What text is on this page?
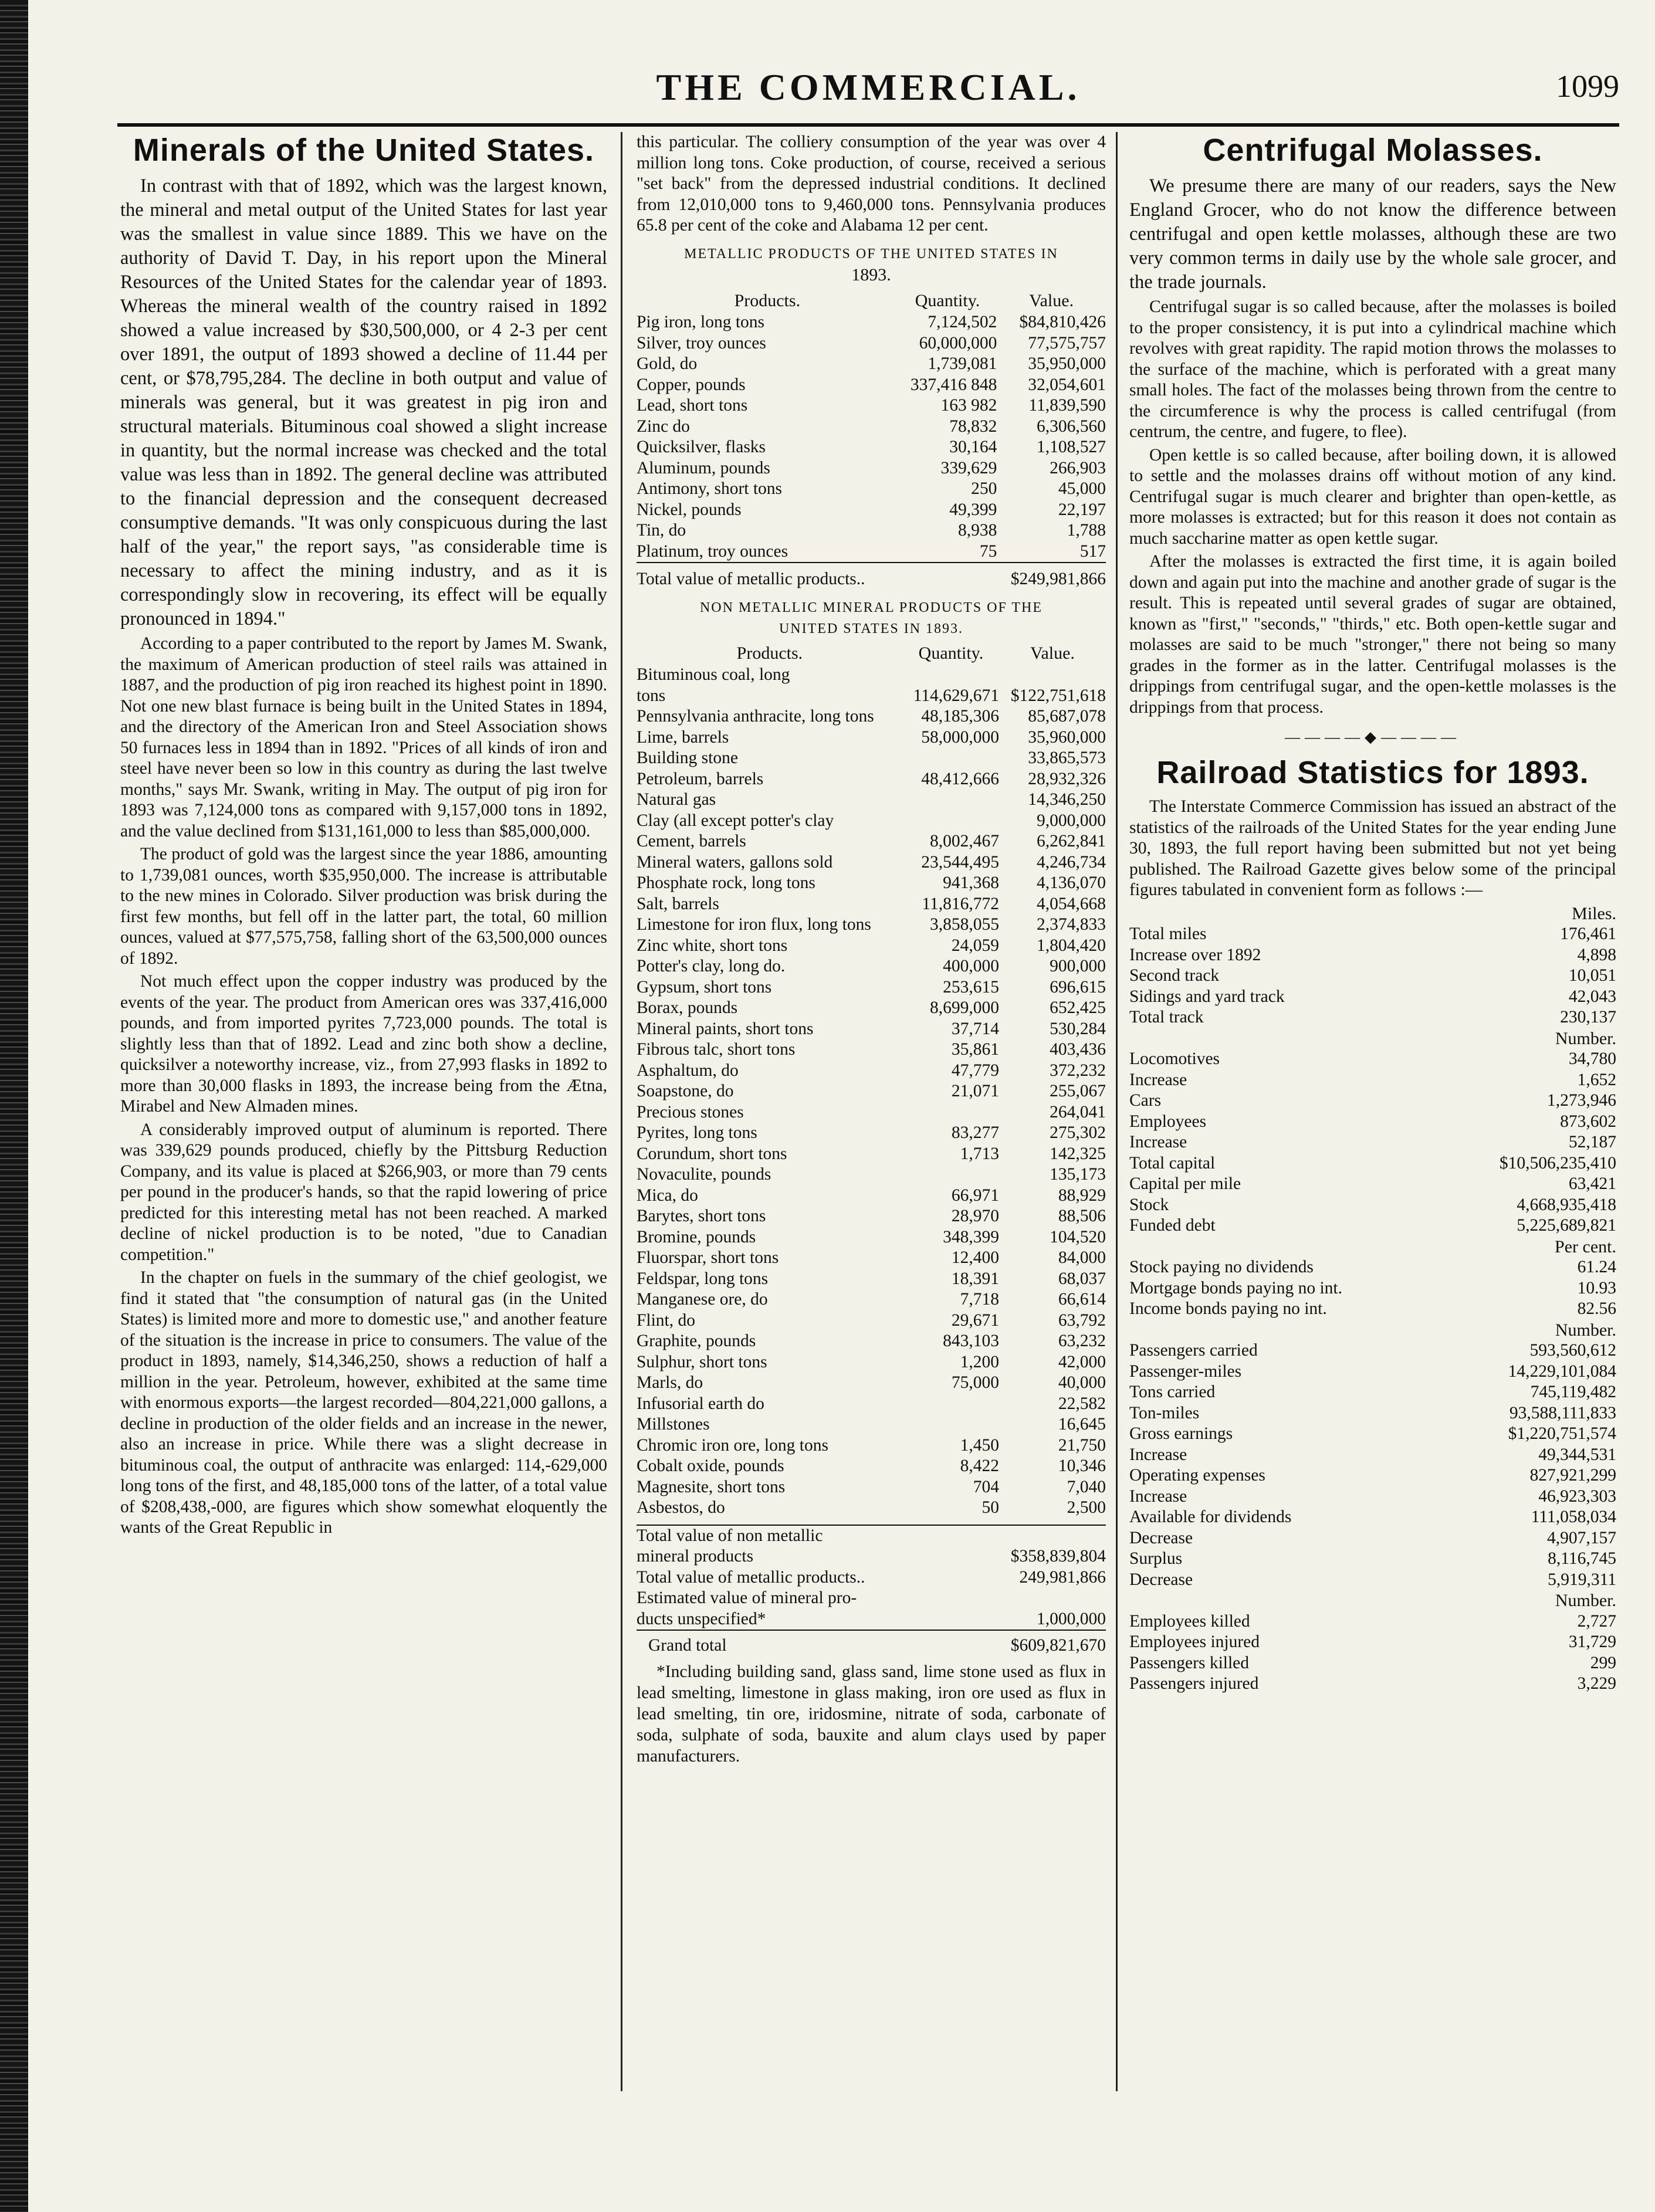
THE COMMERCIAL.	1099
Minerals of the United States.

In contrast with that of 1892, which was the largest known, the mineral and metal output of the United States for last year was the smallest in value since 1889. This we have on the authority of David T. Day, in his report upon the Mineral Resources of the United States for the calendar year of 1893. Whereas the mineral wealth of the country raised in 1892 showed a value increased by $30,500,000, or 4 2-3 per cent over 1891, the output of 1893 showed a decline of 11.44 per cent, or $78,795,284. The decline in both output and value of minerals was general, but it was greatest in pig iron and structural materials. Bituminous coal showed a slight increase in quantity, but the normal increase was checked and the total value was less than in 1892. The general decline was attributed to the financial depression and the consequent decreased consumptive demands. "It was only conspicuous during the last half of the year," the report says, "as considerable time is necessary to affect the mining industry, and as it is correspondingly slow in recovering, its effect will be equally pronounced in 1894."

According to a paper contributed to the report by James M. Swank, the maximum of American production of steel rails was attained in 1887, and the production of pig iron reached its highest point in 1890. Not one new blast furnace is being built in the United States in 1894, and the directory of the American Iron and Steel Association shows 50 furnaces less in 1894 than in 1892. "Prices of all kinds of iron and steel have never been so low in this country as during the last twelve months," says Mr. Swank, writing in May. The output of pig iron for 1893 was 7,124,000 tons as compared with 9,157,000 tons in 1892, and the value declined from $131,161,000 to less than $85,000,000.

The product of gold was the largest since the year 1886, amounting to 1,739,081 ounces, worth $35,950,000. The increase is attributable to the new mines in Colorado. Silver production was brisk during the first few months, but fell off in the latter part, the total, 60 million ounces, valued at $77,575,758, falling short of the 63,500,000 ounces of 1892.

Not much effect upon the copper industry was produced by the events of the year. The product from American ores was 337,416,000 pounds, and from imported pyrites 7,723,000 pounds. The total is slightly less than that of 1892. Lead and zinc both show a decline, quicksilver a noteworthy increase, viz., from 27,993 flasks in 1892 to more than 30,000 flasks in 1893, the increase being from the Ætna, Mirabel and New Almaden mines.

A considerably improved output of aluminum is reported. There was 339,629 pounds produced, chiefly by the Pittsburg Reduction Company, and its value is placed at $266,903, or more than 79 cents per pound in the producer's hands, so that the rapid lowering of price predicted for this interesting metal has not been reached. A marked decline of nickel production is to be noted, "due to Canadian competition."

In the chapter on fuels in the summary of the chief geologist, we find it stated that "the consumption of natural gas (in the United States) is limited more and more to domestic use," and another feature of the situation is the increase in price to consumers. The value of the product in 1893, namely, $14,346,250, shows a reduction of half a million in the year. Petroleum, however, exhibited at the same time with enormous exports—the largest recorded—804,221,000 gallons, a decline in production of the older fields and an increase in the newer, also an increase in price. While there was a slight decrease in bituminous coal, the output of anthracite was enlarged: 114,-629,000 long tons of the first, and 48,185,000 tons of the latter, of a total value of $208,438,-000, are figures which show somewhat eloquently the wants of the Great Republic in

this particular. The colliery consumption of the year was over 4 million long tons. Coke production, of course, received a serious "set back" from the depressed industrial conditions. It declined from 12,010,000 tons to 9,460,000 tons. Pennsylvania produces 65.8 per cent of the coke and Alabama 12 per cent.

METALLIC PRODUCTS OF THE UNITED STATES IN
1893.
Products.	Quantity.	Value.
Pig iron, long tons	7,124,502	$84,810,426
Silver, troy ounces	60,000,000	77,575,757
Gold, do	1,739,081	35,950,000
Copper, pounds	337,416 848	32,054,601
Lead, short tons	163 982	11,839,590
Zinc do	78,832	6,306,560
Quicksilver, flasks	30,164	1,108,527
Aluminum, pounds	339,629	266,903
Antimony, short tons	250	45,000
Nickel, pounds	49,399	22,197
Tin, do	8,938	1,788
Platinum, troy ounces	75	517
Total value of metallic products..		$249,981,866
NON METALLIC MINERAL PRODUCTS OF THE UNITED STATES IN 1893.
Products.	Quantity.	Value.
Bituminous coal, long		
tons	114,629,671	$122,751,618
Pennsylvania anthracite, long tons	48,185,306	85,687,078
Lime, barrels	58,000,000	35,960,000
Building stone		33,865,573
Petroleum, barrels	48,412,666	28,932,326
Natural gas		14,346,250
Clay (all except potter's clay		9,000,000
Cement, barrels	8,002,467	6,262,841
Mineral waters, gallons sold	23,544,495	4,246,734
Phosphate rock, long tons	941,368	4,136,070
Salt, barrels	11,816,772	4,054,668
Limestone for iron flux, long tons	3,858,055	2,374,833
Zinc white, short tons	24,059	1,804,420
Potter's clay, long do.	400,000	900,000
Gypsum, short tons	253,615	696,615
Borax, pounds	8,699,000	652,425
Mineral paints, short tons	37,714	530,284
Fibrous talc, short tons	35,861	403,436
Asphaltum, do	47,779	372,232
Soapstone, do	21,071	255,067
Precious stones		264,041
Pyrites, long tons	83,277	275,302
Corundum, short tons	1,713	142,325
Novaculite, pounds		135,173
Mica, do	66,971	88,929
Barytes, short tons	28,970	88,506
Bromine, pounds	348,399	104,520
Fluorspar, short tons	12,400	84,000
Feldspar, long tons	18,391	68,037
Manganese ore, do	7,718	66,614
Flint, do	29,671	63,792
Graphite, pounds	843,103	63,232
Sulphur, short tons	1,200	42,000
Marls, do	75,000	40,000
Infusorial earth do		22,582
Millstones		16,645
Chromic iron ore, long tons	1,450	21,750
Cobalt oxide, pounds	8,422	10,346
Magnesite, short tons	704	7,040
Asbestos, do	50	2,500
Total value of non metallic	
mineral products	$358,839,804
Total value of metallic products..	249,981,866
Estimated value of mineral pro-	
ducts unspecified*	1,000,000
Grand total	$609,821,670

*Including building sand, glass sand, lime stone used as flux in lead smelting, limestone in glass making, iron ore used as flux in lead smelting, tin ore, iridosmine, nitrate of soda, carbonate of soda, sulphate of soda, bauxite and alum clays used by paper manufacturers.

Centrifugal Molasses.

We presume there are many of our readers, says the New England Grocer, who do not know the difference between centrifugal and open kettle molasses, although these are two very common terms in daily use by the whole sale grocer, and the trade journals.

Centrifugal sugar is so called because, after the molasses is boiled to the proper consistency, it is put into a cylindrical machine which revolves with great rapidity. The rapid motion throws the molasses to the surface of the machine, which is perforated with a great many small holes. The fact of the molasses being thrown from the centre to the circumference is why the process is called centrifugal (from centrum, the centre, and fugere, to flee).

Open kettle is so called because, after boiling down, it is allowed to settle and the molasses drains off without motion of any kind. Centrifugal sugar is much clearer and brighter than open-kettle, as more molasses is extracted; but for this reason it does not contain as much saccharine matter as open kettle sugar.

After the molasses is extracted the first time, it is again boiled down and again put into the machine and another grade of sugar is the result. This is repeated until several grades of sugar are obtained, known as "first," "seconds," "thirds," etc. Both open-kettle sugar and molasses are said to be much "stronger," there not being so many grades in the former as in the latter. Centrifugal molasses is the drippings from centrifugal sugar, and the open-kettle molasses is the drippings from that process.

――――◆――――
Railroad Statistics for 1893.

The Interstate Commerce Commission has issued an abstract of the statistics of the railroads of the United States for the year ending June 30, 1893, the full report having been submitted but not yet being published. The Railroad Gazette gives below some of the principal figures tabulated in convenient form as follows :—

	Miles.
Total miles	176,461
Increase over 1892	4,898
Second track	10,051
Sidings and yard track	42,043
Total track	230,137
	Number.
Locomotives	34,780
Increase	1,652
Cars	1,273,946
Employees	873,602
Increase	52,187
Total capital	$10,506,235,410
Capital per mile	63,421
Stock	4,668,935,418
Funded debt	5,225,689,821
	Per cent.
Stock paying no dividends	61.24
Mortgage bonds paying no int.	10.93
Income bonds paying no int.	82.56
	Number.
Passengers carried	593,560,612
Passenger-miles	14,229,101,084
Tons carried	745,119,482
Ton-miles	93,588,111,833
Gross earnings	$1,220,751,574
Increase	49,344,531
Operating expenses	827,921,299
Increase	46,923,303
Available for dividends	111,058,034
Decrease	4,907,157
Surplus	8,116,745
Decrease	5,919,311
	Number.
Employees killed	2,727
Employees injured	31,729
Passengers killed	299
Passengers injured	3,229
